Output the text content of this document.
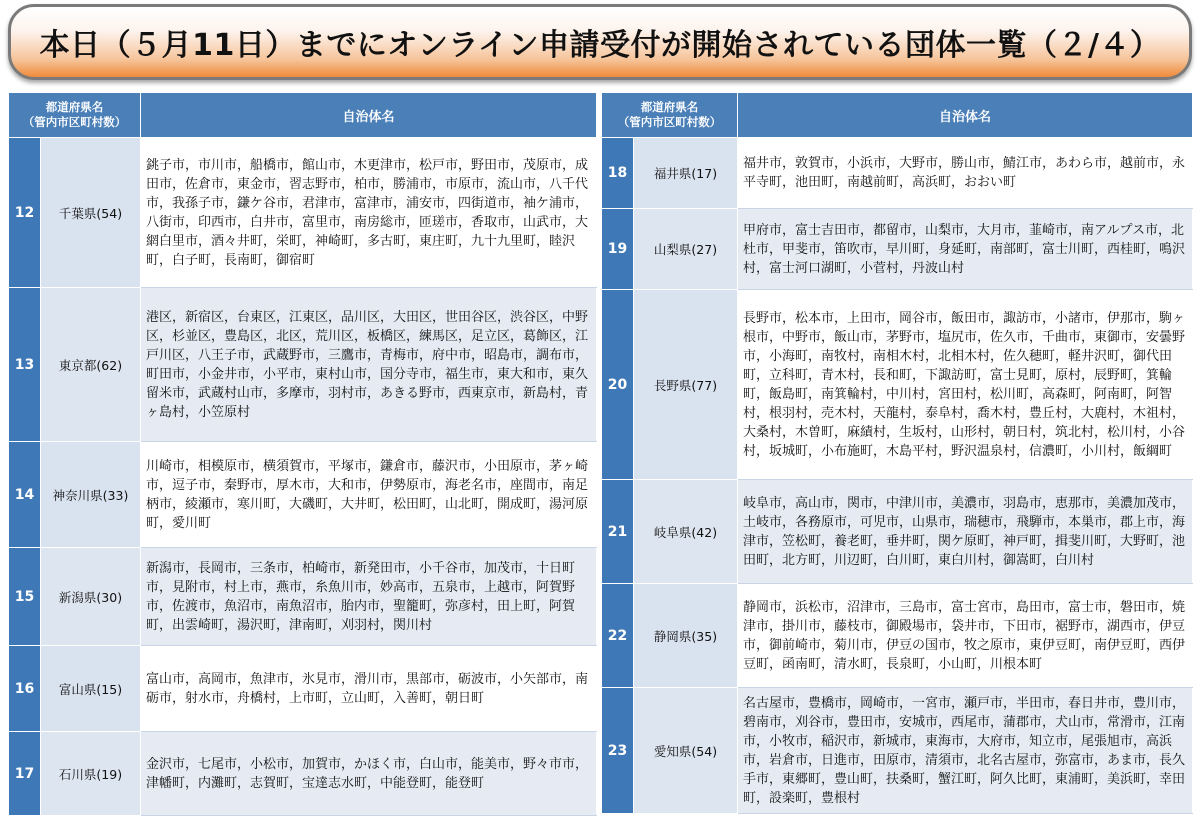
本日（５月11日）までにオンライン申請受付が開始されている団体一覧（２/４）
都道府県名
（管内市区町村数）		自治体名
12	千葉県(54)	銚子市，市川市，船橋市，館山市，木更津市，松戸市，野田市，茂原市，成田市，佐倉市，東金市，習志野市，柏市，勝浦市，市原市，流山市，八千代市，我孫子市，鎌ケ谷市，君津市，富津市，浦安市，四街道市，袖ケ浦市，八街市，印西市，白井市，富里市，南房総市，匝瑳市，香取市，山武市，大網白里市，酒々井町，栄町，神崎町，多古町，東庄町，九十九里町，睦沢町，白子町，長南町，御宿町
13	東京都(62)	港区，新宿区，台東区，江東区，品川区，大田区，世田谷区，渋谷区，中野区，杉並区，豊島区，北区，荒川区，板橋区，練馬区，足立区，葛飾区，江戸川区，八王子市，武蔵野市，三鷹市，青梅市，府中市，昭島市，調布市，町田市，小金井市，小平市，東村山市，国分寺市，福生市，東大和市，東久留米市，武蔵村山市，多摩市，羽村市，あきる野市，西東京市，新島村，青ヶ島村，小笠原村
14	神奈川県(33)	川崎市，相模原市，横須賀市，平塚市，鎌倉市，藤沢市，小田原市，茅ヶ崎市，逗子市，秦野市，厚木市，大和市，伊勢原市，海老名市，座間市，南足柄市，綾瀬市，寒川町，大磯町，大井町，松田町，山北町，開成町，湯河原町，愛川町
15	新潟県(30)	新潟市，長岡市，三条市，柏崎市，新発田市，小千谷市，加茂市，十日町市，見附市，村上市，燕市，糸魚川市，妙高市，五泉市，上越市，阿賀野市，佐渡市，魚沼市，南魚沼市，胎内市，聖籠町，弥彦村，田上町，阿賀町，出雲崎町，湯沢町，津南町，刈羽村，関川村
16	富山県(15)	富山市，高岡市，魚津市，氷見市，滑川市，黒部市，砺波市，小矢部市，南砺市，射水市，舟橋村，上市町，立山町，入善町，朝日町
17	石川県(19)	金沢市，七尾市，小松市，加賀市，かほく市，白山市，能美市，野々市市，津幡町，内灘町，志賀町，宝達志水町，中能登町，能登町
都道府県名
（管内市区町村数）		自治体名
18	福井県(17)	福井市，敦賀市，小浜市，大野市，勝山市，鯖江市，あわら市，越前市，永平寺町，池田町，南越前町，高浜町，おおい町
19	山梨県(27)	甲府市，富士吉田市，都留市，山梨市，大月市，韮崎市，南アルプス市，北杜市，甲斐市，笛吹市，早川町，身延町，南部町，富士川町，西桂町，鳴沢村，富士河口湖町，小菅村，丹波山村
20	長野県(77)	長野市，松本市，上田市，岡谷市，飯田市，諏訪市，小諸市，伊那市，駒ヶ根市，中野市，飯山市，茅野市，塩尻市，佐久市，千曲市，東御市，安曇野市，小海町，南牧村，南相木村，北相木村，佐久穂町，軽井沢町，御代田町，立科町，青木村，長和町，下諏訪町，富士見町，原村，辰野町，箕輪町，飯島町，南箕輪村，中川村，宮田村，松川町，高森町，阿南町，阿智村，根羽村，売木村，天龍村，泰阜村，喬木村，豊丘村，大鹿村，木祖村，大桑村，木曽町，麻績村，生坂村，山形村，朝日村，筑北村，松川村，小谷村，坂城町，小布施町，木島平村，野沢温泉村，信濃町，小川村，飯綱町
21	岐阜県(42)	岐阜市，高山市，関市，中津川市，美濃市，羽島市，恵那市，美濃加茂市，土岐市，各務原市，可児市，山県市，瑞穂市，飛騨市，本巣市，郡上市，海津市，笠松町，養老町，垂井町，関ケ原町，神戸町，揖斐川町，大野町，池田町，北方町，川辺町，白川町，東白川村，御嵩町，白川村
22	静岡県(35)	静岡市，浜松市，沼津市，三島市，富士宮市，島田市，富士市，磐田市，焼津市，掛川市，藤枝市，御殿場市，袋井市，下田市，裾野市，湖西市，伊豆市，御前崎市，菊川市，伊豆の国市，牧之原市，東伊豆町，南伊豆町，西伊豆町，函南町，清水町，長泉町，小山町，川根本町
23	愛知県(54)	名古屋市，豊橋市，岡崎市，一宮市，瀬戸市，半田市，春日井市，豊川市，碧南市，刈谷市，豊田市，安城市，西尾市，蒲郡市，犬山市，常滑市，江南市，小牧市，稲沢市，新城市，東海市，大府市，知立市，尾張旭市，高浜市，岩倉市，日進市，田原市，清須市，北名古屋市，弥富市，あま市，長久手市，東郷町，豊山町，扶桑町，蟹江町，阿久比町，東浦町，美浜町，幸田町，設楽町，豊根村
